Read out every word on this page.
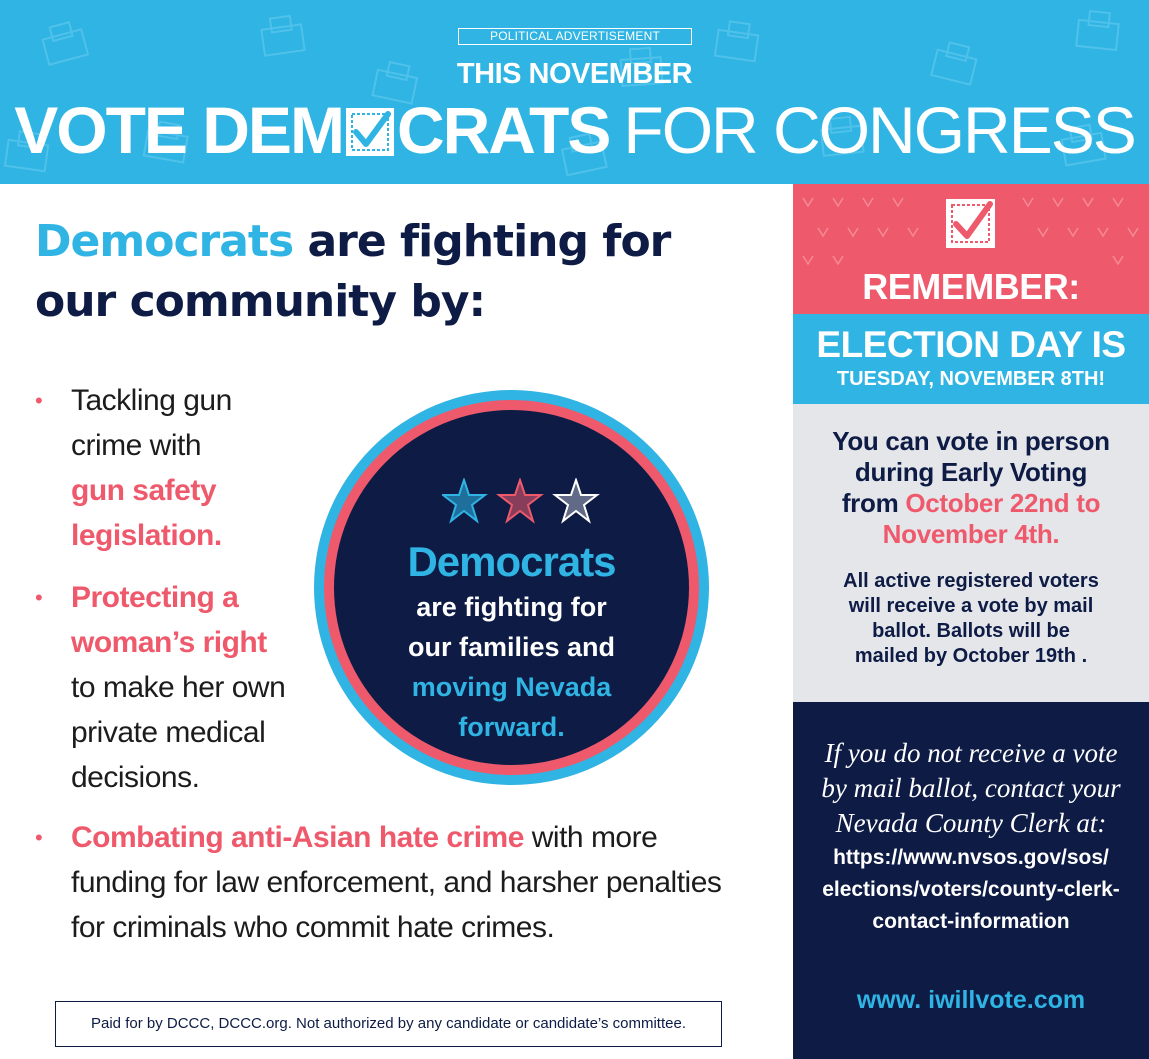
POLITICAL ADVERTISEMENT
THIS NOVEMBER
VOTE DEM CRATS FOR CONGRESS
Democrats are fighting for
our community by:
• Tackling gun
crime with
gun safety
legislation.
• Protecting a
woman’s right
to make her own
private medical
decisions.
• Combating anti-Asian hate crime with more
funding for law enforcement, and harsher penalties
for criminals who commit hate crimes.
Democrats
are fighting for
our families and
moving Nevada
forward.
Paid for by DCCC, DCCC.org. Not authorized by any candidate or candidate’s committee.
REMEMBER:
ELECTION DAY IS
TUESDAY, NOVEMBER 8TH!
You can vote in person
during Early Voting
from October 22nd to
November 4th.
All active registered voters
will receive a vote by mail
ballot. Ballots will be
mailed by October 19th .
If you do not receive a vote
by mail ballot, contact your
Nevada County Clerk at:
https://www.nvsos.gov/sos/
elections/voters/county-clerk-
contact-information
www. iwillvote.com
